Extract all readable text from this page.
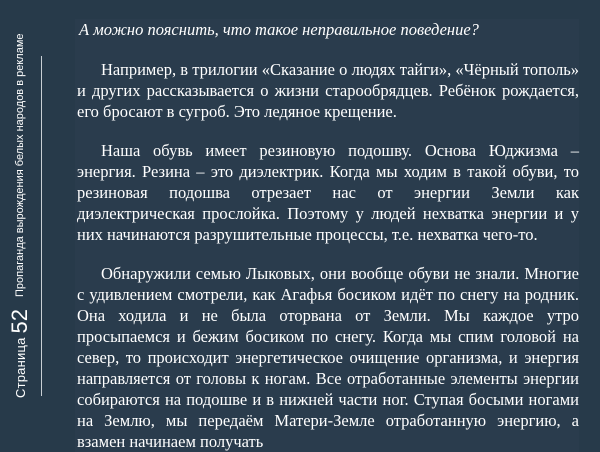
Страница
52
Пропаганда вырождения белых народов в рекламе

А можно пояснить, что такое неправильное поведение?

Например, в трилогии «Сказание о людях тайги», «Чёрный тополь» и других рассказывается о жизни старообрядцев. Ребёнок рождается, его бросают в сугроб. Это ледяное крещение.

Наша обувь имеет резиновую подошву. Основа Юджизма – энергия. Резина – это диэлектрик. Когда мы ходим в такой обуви, то резиновая подошва отрезает нас от энергии Земли как диэлектрическая прослойка. Поэтому у людей нехватка энергии и у них начинаются разрушительные процессы, т.е. нехватка чего-то.

Обнаружили семью Лыковых, они вообще обуви не знали. Многие с удивлением смотрели, как Агафья босиком идёт по снегу на родник. Она ходила и не была оторвана от Земли. Мы каждое утро просыпаемся и бежим босиком по снегу. Когда мы спим головой на север, то происходит энергетическое очищение организма, и энергия направляется от головы к ногам. Все отработанные элементы энергии собираются на подошве и в нижней части ног. Ступая босыми ногами на Землю, мы передаём Матери-Земле отработанную энергию, а взамен начинаем получать
